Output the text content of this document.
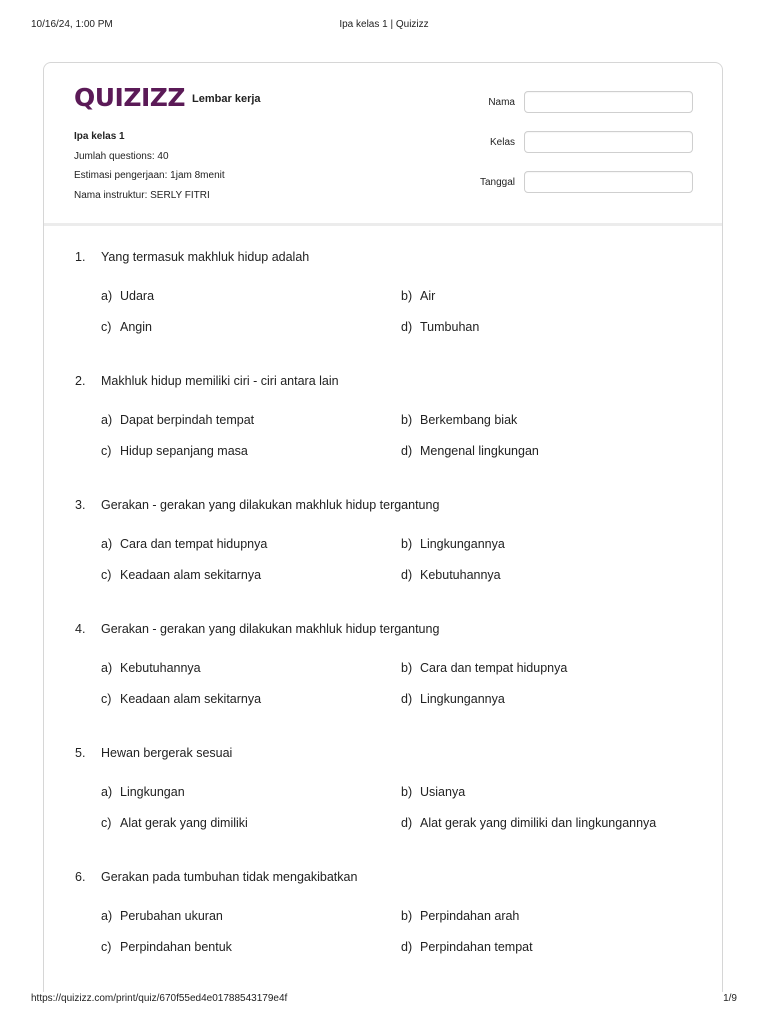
10/16/24, 1:00 PM	Ipa kelas 1 | Quizizz
QUIZIZZ Lembar kerja
Ipa kelas 1
Jumlah questions: 40
Estimasi pengerjaan: 1jam 8menit
Nama instruktur: SERLY FITRI
Nama
Kelas
Tanggal
1. Yang termasuk makhluk hidup adalah
a) Udara	b) Air
c) Angin	d) Tumbuhan
2. Makhluk hidup memiliki ciri - ciri antara lain
a) Dapat berpindah tempat	b) Berkembang biak
c) Hidup sepanjang masa	d) Mengenal lingkungan
3. Gerakan - gerakan yang dilakukan makhluk hidup tergantung
a) Cara dan tempat hidupnya	b) Lingkungannya
c) Keadaan alam sekitarnya	d) Kebutuhannya
4. Gerakan - gerakan yang dilakukan makhluk hidup tergantung
a) Kebutuhannya	b) Cara dan tempat hidupnya
c) Keadaan alam sekitarnya	d) Lingkungannya
5. Hewan bergerak sesuai
a) Lingkungan	b) Usianya
c) Alat gerak yang dimiliki	d) Alat gerak yang dimiliki dan lingkungannya
6. Gerakan pada tumbuhan tidak mengakibatkan
a) Perubahan ukuran	b) Perpindahan arah
c) Perpindahan bentuk	d) Perpindahan tempat
https://quizizz.com/print/quiz/670f55ed4e01788543179e4f	1/9
